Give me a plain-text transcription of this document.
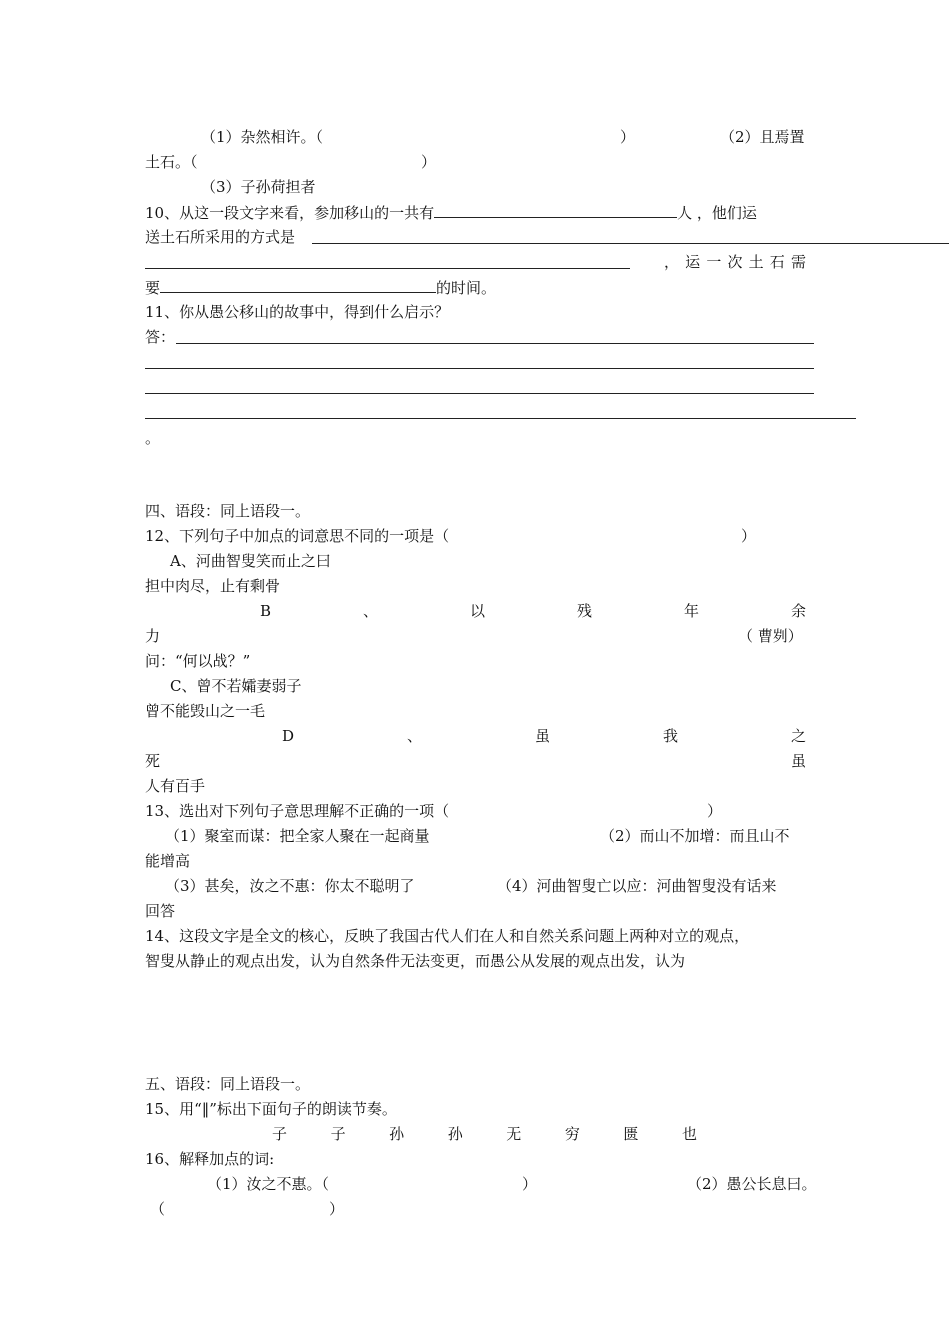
（1）杂然相许。（	）	（2）且焉置
土石。（	）
（3）子孙荷担者
10、从这一段文字来看，参加移山的一共有	人 ，他们运
送土石所采用的方式是
， 运 一 次 土 石 需
要	的时间。
11、你从愚公移山的故事中，得到什么启示？
答：
。
四、语段：同上语段一。
12、下列句子中加点的词意思不同的一项是（	）
A、河曲智叟笑而止之曰
担中肉尽，止有剩骨
B	、	以	残	年	余
力	（ 曹刿）
问：“何以战？”
C、曾不若孀妻弱子
曾不能毁山之一毛
D	、	虽	我	之
死	虽
人有百手
13、选出对下列句子意思理解不正确的一项（	）
（1）聚室而谋：把全家人聚在一起商量	（2）而山不加增：而且山不
能增高
（3）甚矣，汝之不惠：你太不聪明了	（4）河曲智叟亡以应：河曲智叟没有话来
回答
14、这段文字是全文的核心，反映了我国古代人们在人和自然关系问题上两种对立的观点，
智叟从静止的观点出发，认为自然条件无法变更，而愚公从发展的观点出发，认为
五、语段：同上语段一。
15、用“‖”标出下面句子的朗读节奏。
子	子	孙	孙	无	穷	匮	也
16、解释加点的词:
（1）汝之不惠。（	）	（2）愚公长息曰。
（	）
